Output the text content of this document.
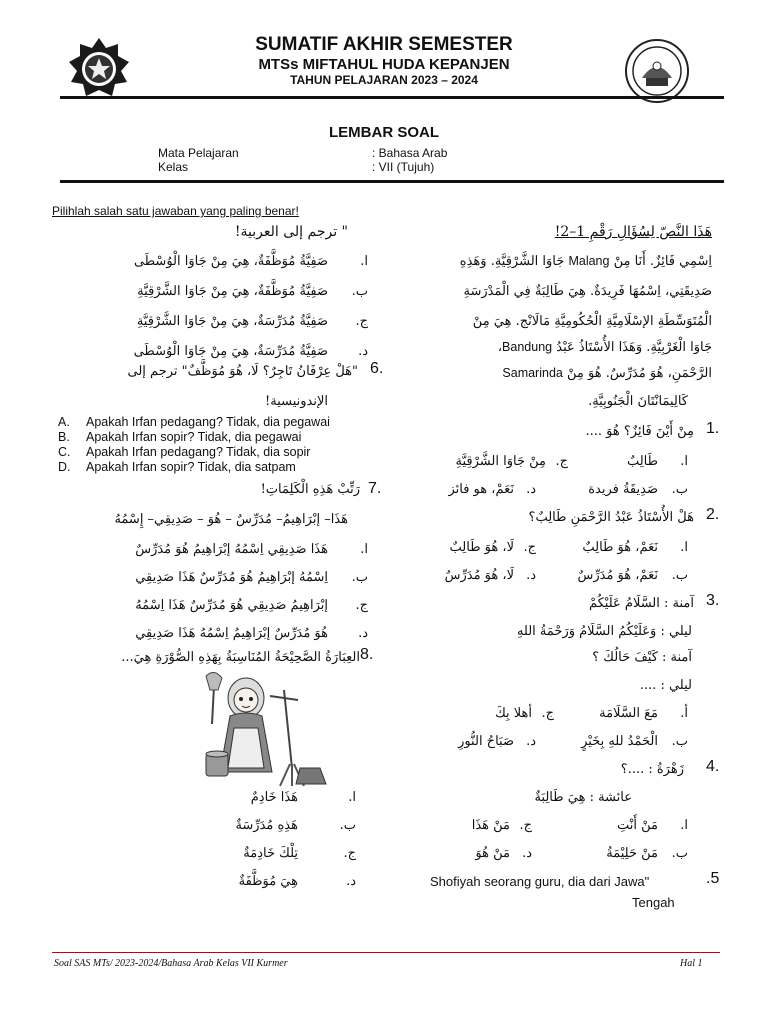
SUMATIF AKHIR SEMESTER
MTSs MIFTAHUL HUDA KEPANJEN
TAHUN PELAJARAN 2023 – 2024
LEMBAR SOAL
Mata Pelajaran	: Bahasa Arab
Kelas	: VII (Tujuh)
Pilihlah salah satu jawaban yang paling benar!
" ترجم إلى العربية!
ا.
صَفِيَّةُ مُوَظَّفَةٌ، هِيَ مِنْ جَاوَا الْوُسْطَى
ب.
صَفِيَّةُ مُوَظَّفَةٌ، هِيَ مِنْ جَاوَا الشَّرْقِيَّةِ
ج.
صَفِيَّةُ مُدَرِّسَةٌ، هِيَ مِنْ جَاوَا الشَّرْقِيَّةِ
د.
صَفِيَّةُ مُدَرِّسَةٌ، هِيَ مِنْ جَاوَا الْوُسْطَى
6.
"هَلْ عِرْفَانُ تَاجِرٌ؟ لَا، هُوَ مُوَظَّفٌ" ترجم إلى
الإندونيسية!
A. Apakah Irfan pedagang? Tidak, dia pegawai
B. Apakah Irfan sopir? Tidak, dia pegawai
C. Apakah Irfan pedagang? Tidak, dia sopir
D. Apakah Irfan sopir? Tidak, dia satpam
7.
رَتِّبْ هَذِهِ الْكَلِمَاتِ!
هَذَا– إبْرَاهِيمُ– مُدَرِّسٌ – هُوَ – صَدِيقِي– إِسْمُهُ
ا.
هَذَا صَدِيقِي اِسْمُهُ إبْرَاهِيمُ هُوَ مُدَرِّسٌ
ب.
اِسْمُهُ إبْرَاهِيمُ هُوَ مُدَرِّسٌ هَذَا صَدِيقِي
ج.
إبْرَاهِيمُ صَدِيقِي هُوَ مُدَرِّسٌ هَذَا اِسْمُهُ
د.
هُوَ مُدَرِّسٌ إبْرَاهِيمُ اِسْمُهُ هَذَا صَدِيقِي
8.
العِبَارَةُ الصَّحِيْحَةُ المُنَاسِبَةُ بِهَذِهِ الصُّوْرَةِ هِيَ...
ا.
هَذَا خَادِمٌ
ب.
هَذِهِ مُدَرِّسَةٌ
ج.
تِلْكَ خَادِمَةٌ
د.
هِيَ مُوَظَّفَةٌ
هَذَا النَّصّ لِسُؤَالِ رَقْمِ 1–2!
اِسْمِي فَائِزٌ. أَنَا مِنْ Malang جَاوَا الشَّرْقِيَّةِ. وَهَذِهِ
صَدِيقَتِي، اِسْمُهَا فَرِيدَةٌ. هِيَ طَالِبَةٌ فِي الْمَدْرَسَةِ
الْمُتَوَسِّطَةِ الإسْلَامِيَّةِ الْحُكُومِيَّةِ مَالَانْج. هِيَ مِنْ
جَاوَا الْغَرْبِيَّةِ. وَهَذَا الأُسْتَاذُ عَبْدُ Bandung،
الرَّحْمَنِ، هُوَ مُدَرِّسٌ. هُوَ مِنْ Samarinda
كَالِيمَانْتَانَ الْجَنُوبِيَّةِ.
1.
مِنْ أَيْنَ فَائِزٌ؟ هُوَ ....
ا.
طَالِبٌ
ج.
مِنْ جَاوَا الشَّرْقِيَّةِ
ب.
صَدِيقَةُ فريدة
د.
نَعَمْ، هو فائز
2.
هَلْ الأُسْتَاذُ عَبْدُ الرَّحْمَنِ طَالِبٌ؟
ا.
نَعَمْ، هُوَ طَالِبٌ
ج.
لَا، هُوَ طَالِبٌ
ب.
نَعَمْ، هُوَ مُدَرِّسٌ
د.
لَا، هُوَ مُدَرِّسٌ
3.
آمنة : السَّلَامُ عَلَيْكُمْ
ليلي : وَعَلَيْكُمُ السَّلَامُ وَرَحْمَةُ اللهِ
آمنة : كَيْفَ حَالُكَ ؟
ليلي : ....
أ.
مَعَ السَّلَامَة
ج.
أهلا بِكَ
ب.
الْحَمْدُ للهِ بِخَيْرٍ
د.
صَبَاحُ النُّورِ
4.
زَهْرَةُ : ....؟
عائشة : هِيَ طَالِبَةٌ
ا.
مَنْ أَنْتِ
ج.
مَنْ هَذَا
ب.
مَنْ حَلِيْمَةُ
د.
مَنْ هُوَ
.5
Shofiyah seorang guru, dia dari Jawa"
Tengah
Soal SAS MTs/ 2023-2024/Bahasa Arab Kelas VII Kurmer	Hal 1
